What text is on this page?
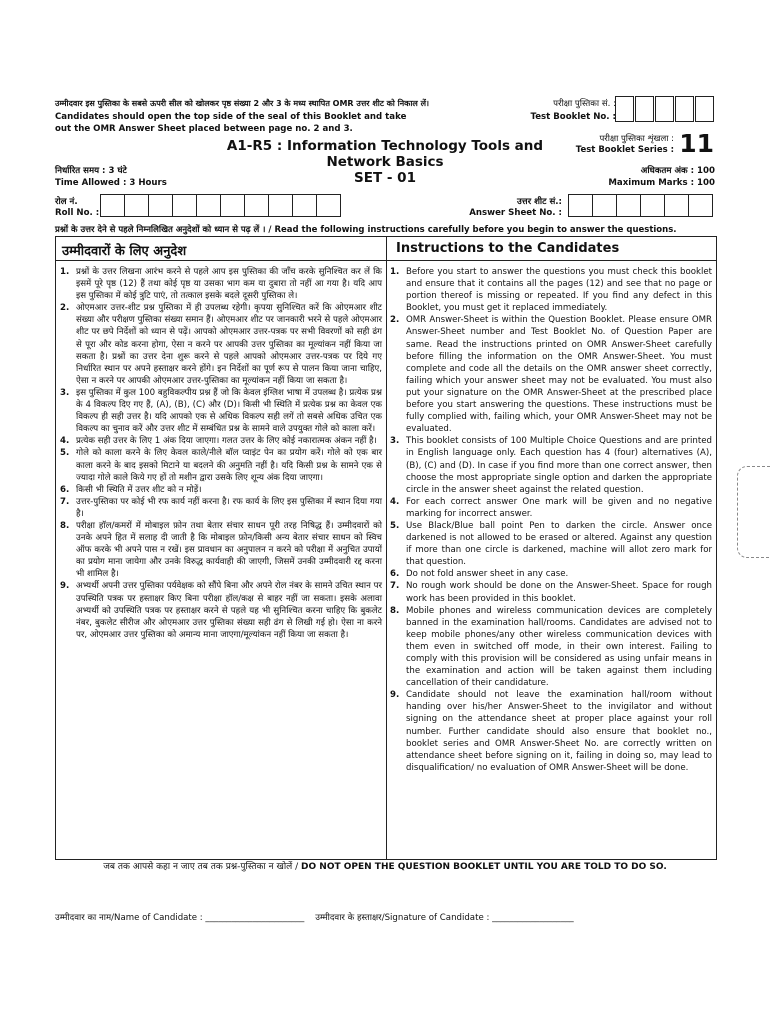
उम्मीदवार इस पुस्तिका के सबसे ऊपरी सील को खोलकर पृष्ठ संख्या 2 और 3 के मध्य स्थापित OMR उत्तर शीट को निकाल लें।
Candidates should open the top side of the seal of this Booklet and take
out the OMR Answer Sheet placed between page no. 2 and 3.
परीक्षा पुस्तिका सं. :
Test Booklet No. :
परीक्षा पुस्तिका शृंखला :
Test Booklet Series : 11
A1-R5 : Information Technology Tools and
Network Basics
SET - 01
निर्धारित समय : 3 घंटे
Time Allowed : 3 Hours
अधिकतम अंक : 100
Maximum Marks : 100
रोल नं.
Roll No. :
उत्तर शीट सं.:
Answer Sheet No. :
प्रश्नों के उत्तर देने से पहले निम्नलिखित अनुदेशों को ध्यान से पढ़ लें । / Read the following instructions carefully before you begin to answer the questions.
उम्मीदवारों के लिए अनुदेश	Instructions to the Candidates
1. प्रश्नों के उत्तर लिखना आरंभ करने से पहले आप इस पुस्तिका की जाँच करके सुनिश्चित कर लें कि इसमें पूरे पृष्ठ (12) हैं तथा कोई पृष्ठ या उसका भाग कम या दुबारा तो नहीं आ गया है। यदि आप इस पुस्तिका में कोई त्रुटि पाएं, तो तत्काल इसके बदले दूसरी पुस्तिका ले।
2. ओएमआर उत्तर-शीट प्रश्न पुस्तिका में ही उपलब्ध रहेगी। कृपया सुनिश्चित करें कि ओएमआर शीट संख्या और परीक्षण पुस्तिका संख्या समान हैं। ओएमआर शीट पर जानकारी भरने से पहले ओएमआर शीट पर छपे निर्देशों को ध्यान से पढ़ें। आपको ओएमआर उत्तर-पत्रक पर सभी विवरणों को सही ढंग से पूरा और कोड करना होगा, ऐसा न करने पर आपकी उत्तर पुस्तिका का मूल्यांकन नहीं किया जा सकता है। प्रश्नों का उत्तर देना शुरू करने से पहले आपको ओएमआर उत्तर-पत्रक पर दिये गए निर्धारित स्थान पर अपने हस्ताक्षर करने होंगे। इन निर्देशों का पूर्ण रूप से पालन किया जाना चाहिए, ऐसा न करने पर आपकी ओएमआर उत्तर-पुस्तिका का मूल्यांकन नहीं किया जा सकता है।
3. इस पुस्तिका में कुल 100 बहुविकल्पीय प्रश्न हैं जो कि केवल इंग्लिश भाषा में उपलब्ध है। प्रत्येक प्रश्न के 4 विकल्प दिए गए हैं, (A), (B), (C) और (D)। किसी भी स्थिति में प्रत्येक प्रश्न का केवल एक विकल्प ही सही उत्तर है। यदि आपको एक से अधिक विकल्प सही लगें तो सबसे अधिक उचित एक विकल्प का चुनाव करें और उत्तर शीट में सम्बंधित प्रश्न के सामने वाले उपयुक्त गोले को काला करें।
4. प्रत्येक सही उत्तर के लिए 1 अंक दिया जाएगा। गलत उत्तर के लिए कोई नकारात्मक अंकन नहीं है।
5. गोले को काला करने के लिए केवल काले/नीले बॉल प्वाइंट पेन का प्रयोग करें। गोले को एक बार काला करने के बाद इसको मिटाने या बदलने की अनुमति नहीं है। यदि किसी प्रश्न के सामने एक से ज्यादा गोले काले किये गए हों तो मशीन द्वारा उसके लिए शून्य अंक दिया जाएगा।
6. किसी भी स्थिति में उत्तर शीट को न मोड़ें।
7. उत्तर-पुस्तिका पर कोई भी रफ कार्य नहीं करना है। रफ कार्य के लिए इस पुस्तिका में स्थान दिया गया है।
8. परीक्षा हॉल/कमरों में मोबाइल फ़ोन तथा बेतार संचार साधन पूरी तरह निषिद्ध हैं। उम्मीदवारों को उनके अपने हित में सलाह दी जाती है कि मोबाइल फ़ोन/किसी अन्य बेतार संचार साधन को स्विच ऑफ करके भी अपने पास न रखें। इस प्रावधान का अनुपालन न करने को परीक्षा में अनुचित उपायों का प्रयोग माना जायेगा और उनके विरुद्ध कार्यवाही की जाएगी, जिसमें उनकी उम्मीदवारी रद्द करना भी शामिल है।
9. अभ्यर्थी अपनी उत्तर पुस्तिका पर्यवेक्षक को सौंपे बिना और अपने रोल नंबर के सामने उचित स्थान पर उपस्थिति पत्रक पर हस्ताक्षर किए बिना परीक्षा हॉल/कक्ष से बाहर नहीं जा सकता। इसके अलावा अभ्यर्थी को उपस्थिति पत्रक पर हस्ताक्षर करने से पहले यह भी सुनिश्चित करना चाहिए कि बुकलेट नंबर, बुकलेट सीरीज और ओएमआर उत्तर पुस्तिका संख्या सही ढंग से लिखी गई हो। ऐसा ना करने पर, ओएमआर उत्तर पुस्तिका को अमान्य माना जाएगा/मूल्यांकन नहीं किया जा सकता है।
1. Before you start to answer the questions you must check this booklet and ensure that it contains all the pages (12) and see that no page or portion thereof is missing or repeated. If you find any defect in this Booklet, you must get it replaced immediately.
2. OMR Answer-Sheet is within the Question Booklet. Please ensure OMR Answer-Sheet number and Test Booklet No. of Question Paper are same. Read the instructions printed on OMR Answer-Sheet carefully before filling the information on the OMR Answer-Sheet. You must complete and code all the details on the OMR answer sheet correctly, failing which your answer sheet may not be evaluated. You must also put your signature on the OMR Answer-Sheet at the prescribed place before you start answering the questions. These instructions must be fully complied with, failing which, your OMR Answer-Sheet may not be evaluated.
3. This booklet consists of 100 Multiple Choice Questions and are printed in English language only. Each question has 4 (four) alternatives (A), (B), (C) and (D). In case if you find more than one correct answer, then choose the most appropriate single option and darken the appropriate circle in the answer sheet against the related question.
4. For each correct answer One mark will be given and no negative marking for incorrect answer.
5. Use Black/Blue ball point Pen to darken the circle. Answer once darkened is not allowed to be erased or altered. Against any question if more than one circle is darkened, machine will allot zero mark for that question.
6. Do not fold answer sheet in any case.
7. No rough work should be done on the Answer-Sheet. Space for rough work has been provided in this booklet.
8. Mobile phones and wireless communication devices are completely banned in the examination hall/rooms. Candidates are advised not to keep mobile phones/any other wireless communication devices with them even in switched off mode, in their own interest. Failing to comply with this provision will be considered as using unfair means in the examination and action will be taken against them including cancellation of their candidature.
9. Candidate should not leave the examination hall/room without handing over his/her Answer-Sheet to the invigilator and without signing on the attendance sheet at proper place against your roll number. Further candidate should also ensure that booklet no., booklet series and OMR Answer-Sheet No. are correctly written on attendance sheet before signing on it, failing in doing so, may lead to disqualification/ no evaluation of OMR Answer-Sheet will be done.
जब तक आपसे कहा न जाए तब तक प्रश्न-पुस्तिका न खोलें / DO NOT OPEN THE QUESTION BOOKLET UNTIL YOU ARE TOLD TO DO SO.
उम्मीदवार का नाम/Name of Candidate : _______________________ उम्मीदवार के हस्ताक्षर/Signature of Candidate : ___________________
